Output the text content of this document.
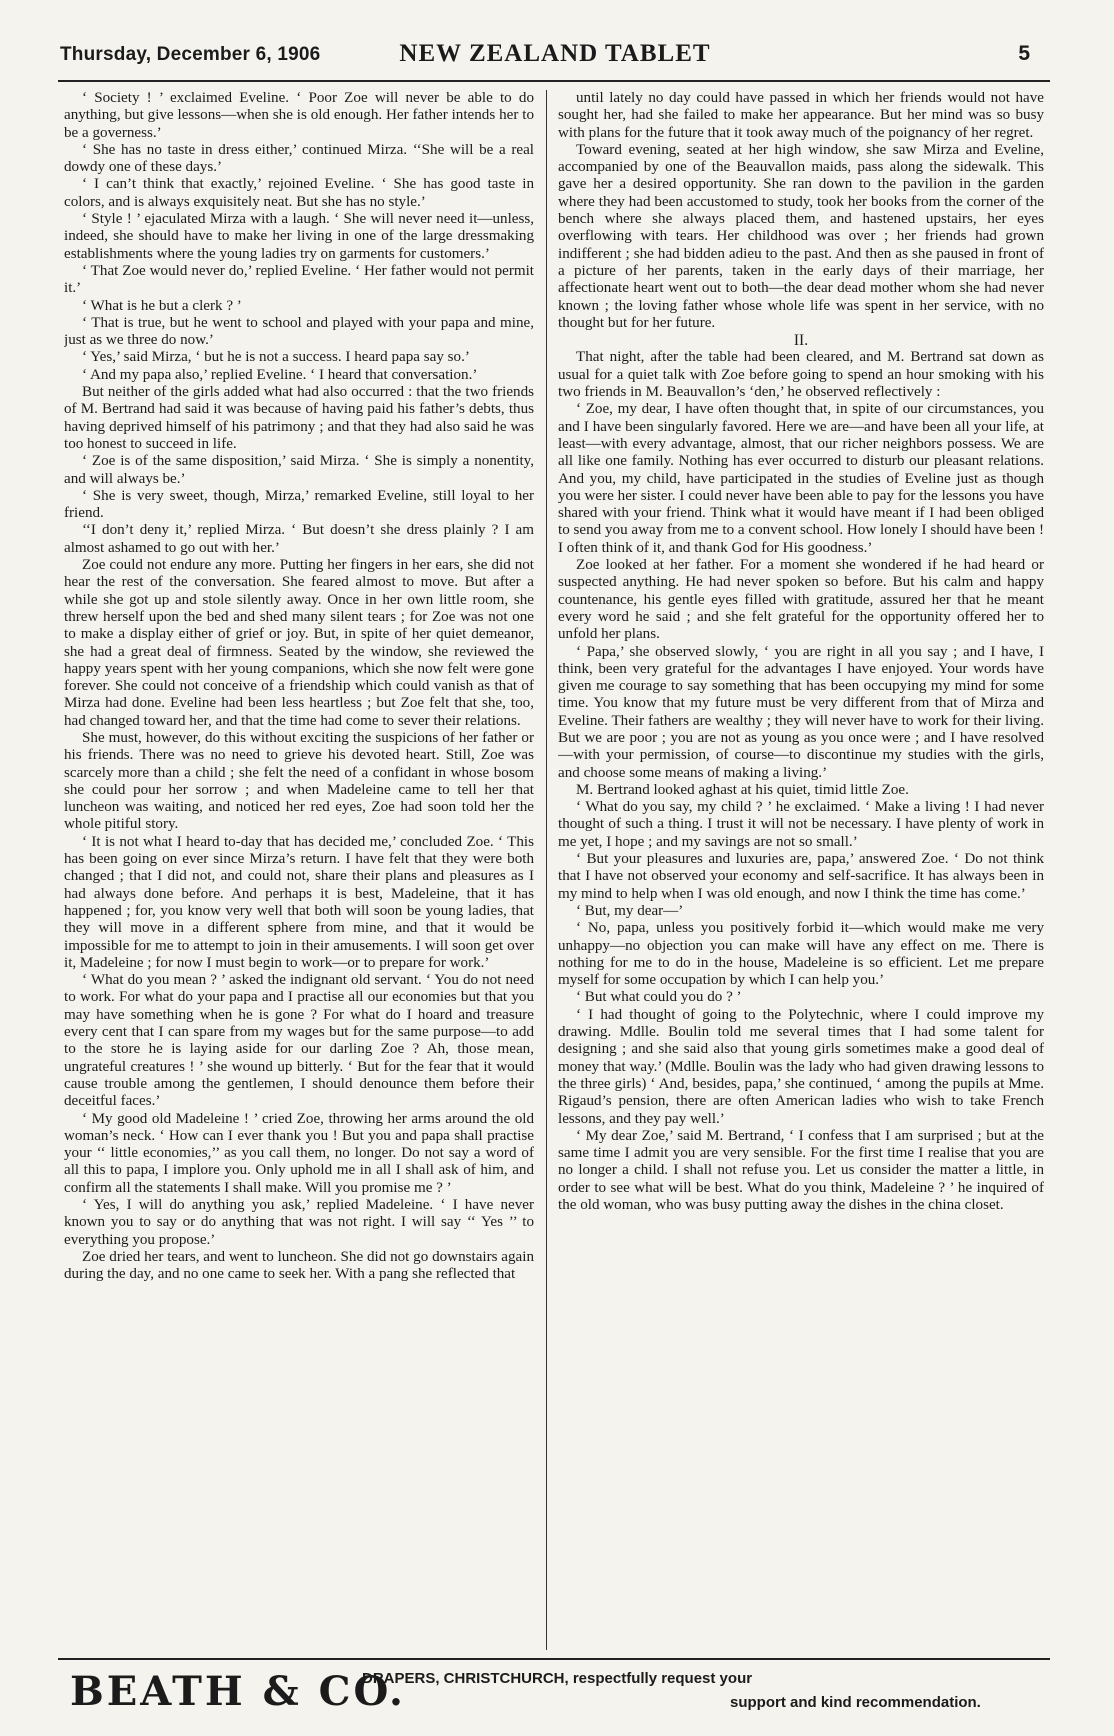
Thursday, December 6, 1906	NEW ZEALAND TABLET	5

‘ Society ! ’ exclaimed Eveline. ‘ Poor Zoe will never be able to do anything, but give lessons—when she is old enough. Her father intends her to be a governess.’

‘ She has no taste in dress either,’ continued Mirza. ‘‘She will be a real dowdy one of these days.’

‘ I can’t think that exactly,’ rejoined Eveline. ‘ She has good taste in colors, and is always exquisitely neat. But she has no style.’

‘ Style ! ’ ejaculated Mirza with a laugh. ‘ She will never need it—unless, indeed, she should have to make her living in one of the large dressmaking establishments where the young ladies try on garments for customers.’

‘ That Zoe would never do,’ replied Eveline. ‘ Her father would not permit it.’

‘ What is he but a clerk ? ’

‘ That is true, but he went to school and played with your papa and mine, just as we three do now.’

‘ Yes,’ said Mirza, ‘ but he is not a success. I heard papa say so.’

‘ And my papa also,’ replied Eveline. ‘ I heard that conversation.’

But neither of the girls added what had also occurred : that the two friends of M. Bertrand had said it was because of having paid his father’s debts, thus having deprived himself of his patrimony ; and that they had also said he was too honest to succeed in life.

‘ Zoe is of the same disposition,’ said Mirza. ‘ She is simply a nonentity, and will always be.’

‘ She is very sweet, though, Mirza,’ remarked Eveline, still loyal to her friend.

‘‘I don’t deny it,’ replied Mirza. ‘ But doesn’t she dress plainly ? I am almost ashamed to go out with her.’

Zoe could not endure any more. Putting her fingers in her ears, she did not hear the rest of the conversation. She feared almost to move. But after a while she got up and stole silently away. Once in her own little room, she threw herself upon the bed and shed many silent tears ; for Zoe was not one to make a display either of grief or joy. But, in spite of her quiet demeanor, she had a great deal of firmness. Seated by the window, she reviewed the happy years spent with her young companions, which she now felt were gone forever. She could not conceive of a friendship which could vanish as that of Mirza had done. Eveline had been less heartless ; but Zoe felt that she, too, had changed toward her, and that the time had come to sever their relations.

She must, however, do this without exciting the suspicions of her father or his friends. There was no need to grieve his devoted heart. Still, Zoe was scarcely more than a child ; she felt the need of a confidant in whose bosom she could pour her sorrow ; and when Madeleine came to tell her that luncheon was waiting, and noticed her red eyes, Zoe had soon told her the whole pitiful story.

‘ It is not what I heard to-day that has decided me,’ concluded Zoe. ‘ This has been going on ever since Mirza’s return. I have felt that they were both changed ; that I did not, and could not, share their plans and pleasures as I had always done before. And perhaps it is best, Madeleine, that it has happened ; for, you know very well that both will soon be young ladies, that they will move in a different sphere from mine, and that it would be impossible for me to attempt to join in their amusements. I will soon get over it, Madeleine ; for now I must begin to work—or to prepare for work.’

‘ What do you mean ? ’ asked the indignant old servant. ‘ You do not need to work. For what do your papa and I practise all our economies but that you may have something when he is gone ? For what do I hoard and treasure every cent that I can spare from my wages but for the same purpose—to add to the store he is laying aside for our darling Zoe ? Ah, those mean, ungrateful creatures ! ’ she wound up bitterly. ‘ But for the fear that it would cause trouble among the gentlemen, I should denounce them before their deceitful faces.’

‘ My good old Madeleine ! ’ cried Zoe, throwing her arms around the old woman’s neck. ‘ How can I ever thank you ! But you and papa shall practise your ‘‘ little economies,’’ as you call them, no longer. Do not say a word of all this to papa, I implore you. Only uphold me in all I shall ask of him, and confirm all the statements I shall make. Will you promise me ? ’

‘ Yes, I will do anything you ask,’ replied Madeleine. ‘ I have never known you to say or do anything that was not right. I will say ‘‘ Yes ’’ to everything you propose.’

Zoe dried her tears, and went to luncheon. She did not go downstairs again during the day, and no one came to seek her. With a pang she reflected that

until lately no day could have passed in which her friends would not have sought her, had she failed to make her appearance. But her mind was so busy with plans for the future that it took away much of the poignancy of her regret.

Toward evening, seated at her high window, she saw Mirza and Eveline, accompanied by one of the Beauvallon maids, pass along the sidewalk. This gave her a desired opportunity. She ran down to the pavilion in the garden where they had been accustomed to study, took her books from the corner of the bench where she always placed them, and hastened upstairs, her eyes overflowing with tears. Her childhood was over ; her friends had grown indifferent ; she had bidden adieu to the past. And then as she paused in front of a picture of her parents, taken in the early days of their marriage, her affectionate heart went out to both—the dear dead mother whom she had never known ; the loving father whose whole life was spent in her service, with no thought but for her future.

II.

That night, after the table had been cleared, and M. Bertrand sat down as usual for a quiet talk with Zoe before going to spend an hour smoking with his two friends in M. Beauvallon’s ‘den,’ he observed reflectively :

‘ Zoe, my dear, I have often thought that, in spite of our circumstances, you and I have been singularly favored. Here we are—and have been all your life, at least—with every advantage, almost, that our richer neighbors possess. We are all like one family. Nothing has ever occurred to disturb our pleasant relations. And you, my child, have participated in the studies of Eveline just as though you were her sister. I could never have been able to pay for the lessons you have shared with your friend. Think what it would have meant if I had been obliged to send you away from me to a convent school. How lonely I should have been ! I often think of it, and thank God for His goodness.’

Zoe looked at her father. For a moment she wondered if he had heard or suspected anything. He had never spoken so before. But his calm and happy countenance, his gentle eyes filled with gratitude, assured her that he meant every word he said ; and she felt grateful for the opportunity offered her to unfold her plans.

‘ Papa,’ she observed slowly, ‘ you are right in all you say ; and I have, I think, been very grateful for the advantages I have enjoyed. Your words have given me courage to say something that has been occupying my mind for some time. You know that my future must be very different from that of Mirza and Eveline. Their fathers are wealthy ; they will never have to work for their living. But we are poor ; you are not as young as you once were ; and I have resolved—with your permission, of course—to discontinue my studies with the girls, and choose some means of making a living.’

M. Bertrand looked aghast at his quiet, timid little Zoe.

‘ What do you say, my child ? ’ he exclaimed. ‘ Make a living ! I had never thought of such a thing. I trust it will not be necessary. I have plenty of work in me yet, I hope ; and my savings are not so small.’

‘ But your pleasures and luxuries are, papa,’ answered Zoe. ‘ Do not think that I have not observed your economy and self-sacrifice. It has always been in my mind to help when I was old enough, and now I think the time has come.’

‘ But, my dear—’

‘ No, papa, unless you positively forbid it—which would make me very unhappy—no objection you can make will have any effect on me. There is nothing for me to do in the house, Madeleine is so efficient. Let me prepare myself for some occupation by which I can help you.’

‘ But what could you do ? ’

‘ I had thought of going to the Polytechnic, where I could improve my drawing. Mdlle. Boulin told me several times that I had some talent for designing ; and she said also that young girls sometimes make a good deal of money that way.’ (Mdlle. Boulin was the lady who had given drawing lessons to the three girls) ‘ And, besides, papa,’ she continued, ‘ among the pupils at Mme. Rigaud’s pension, there are often American ladies who wish to take French lessons, and they pay well.’

‘ My dear Zoe,’ said M. Bertrand, ‘ I confess that I am surprised ; but at the same time I admit you are very sensible. For the first time I realise that you are no longer a child. I shall not refuse you. Let us consider the matter a little, in order to see what will be best. What do you think, Madeleine ? ’ he inquired of the old woman, who was busy putting away the dishes in the china closet.

BEATH & CO.
DRAPERS, CHRISTCHURCH, respectfully request your
support and kind recommendation.
